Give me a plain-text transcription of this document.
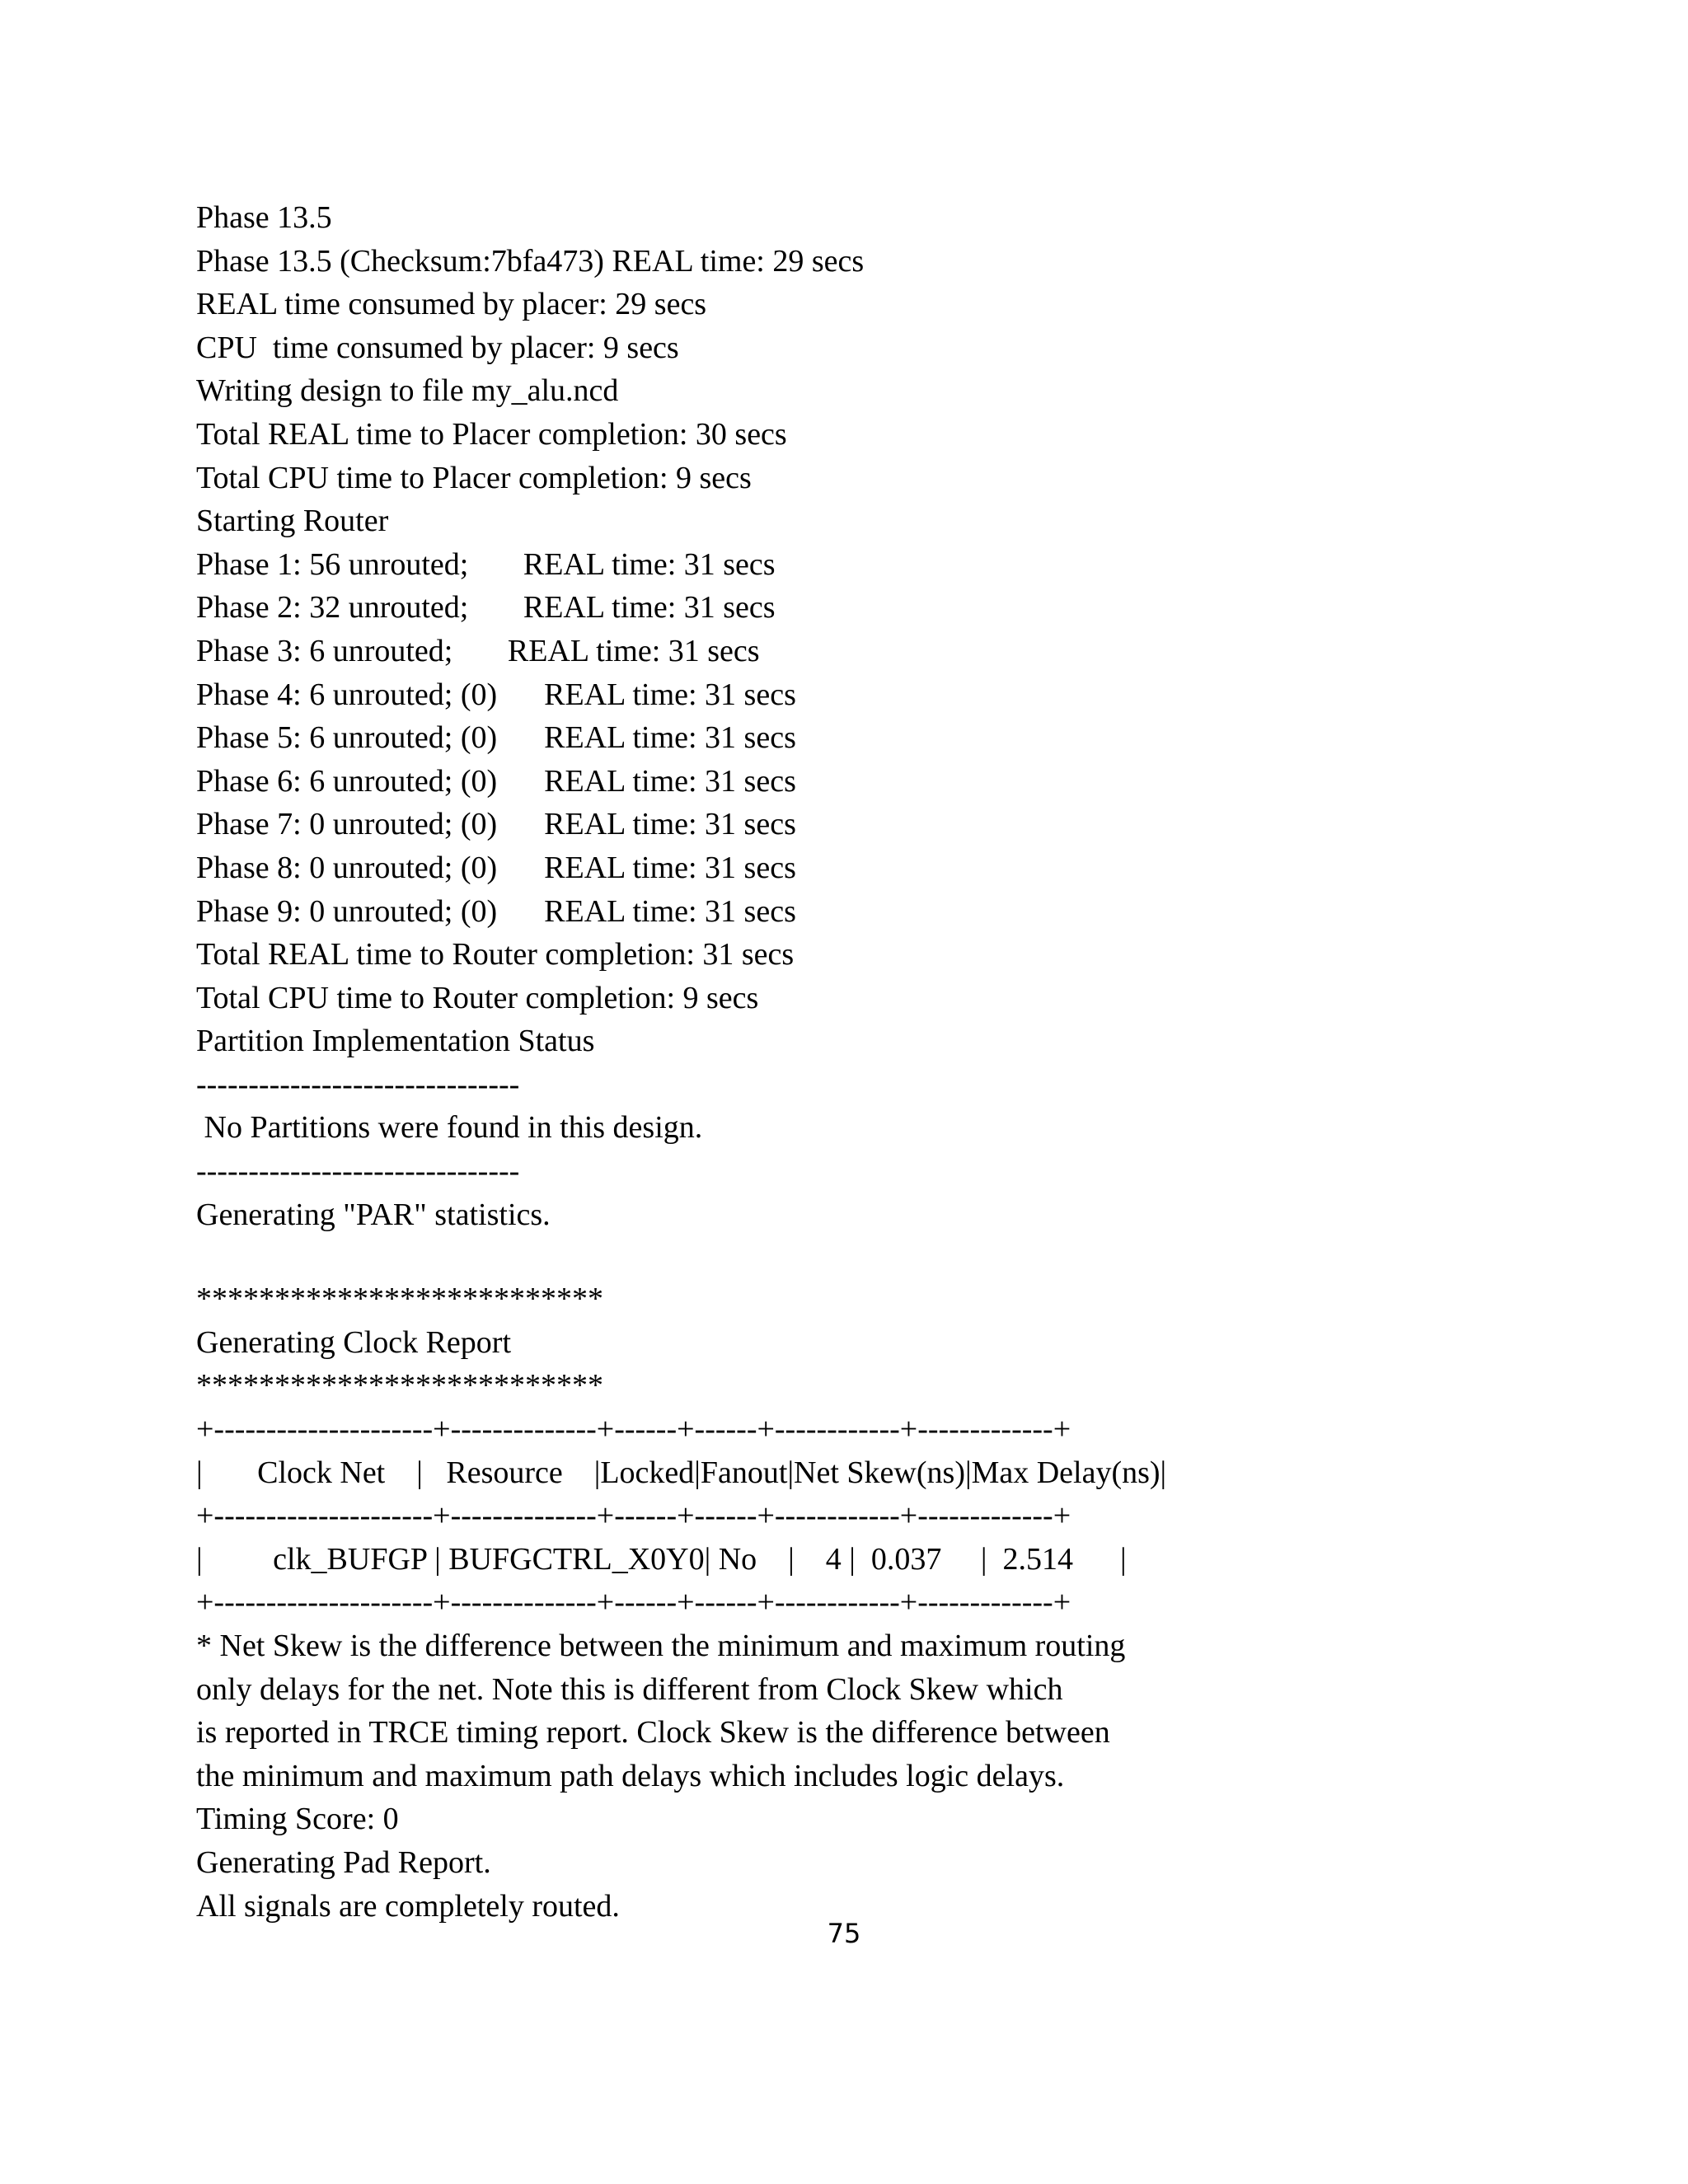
Phase 13.5
Phase 13.5 (Checksum:7bfa473) REAL time: 29 secs
REAL time consumed by placer: 29 secs
CPU  time consumed by placer: 9 secs
Writing design to file my_alu.ncd
Total REAL time to Placer completion: 30 secs
Total CPU time to Placer completion: 9 secs
Starting Router
Phase 1: 56 unrouted;       REAL time: 31 secs
Phase 2: 32 unrouted;       REAL time: 31 secs
Phase 3: 6 unrouted;       REAL time: 31 secs
Phase 4: 6 unrouted; (0)      REAL time: 31 secs
Phase 5: 6 unrouted; (0)      REAL time: 31 secs
Phase 6: 6 unrouted; (0)      REAL time: 31 secs
Phase 7: 0 unrouted; (0)      REAL time: 31 secs
Phase 8: 0 unrouted; (0)      REAL time: 31 secs
Phase 9: 0 unrouted; (0)      REAL time: 31 secs
Total REAL time to Router completion: 31 secs
Total CPU time to Router completion: 9 secs
Partition Implementation Status
-------------------------------
No Partitions were found in this design.
-------------------------------
Generating "PAR" statistics.
**************************
Generating Clock Report
**************************
+---------------------+--------------+------+------+------------+-------------+
|       Clock Net    |   Resource    |Locked|Fanout|Net Skew(ns)|Max Delay(ns)|
+---------------------+--------------+------+------+------------+-------------+
|         clk_BUFGP | BUFGCTRL_X0Y0| No    |    4 |  0.037     |  2.514      |
+---------------------+--------------+------+------+------------+-------------+
* Net Skew is the difference between the minimum and maximum routing
only delays for the net. Note this is different from Clock Skew which
is reported in TRCE timing report. Clock Skew is the difference between
the minimum and maximum path delays which includes logic delays.
Timing Score: 0
Generating Pad Report.
All signals are completely routed.
75
